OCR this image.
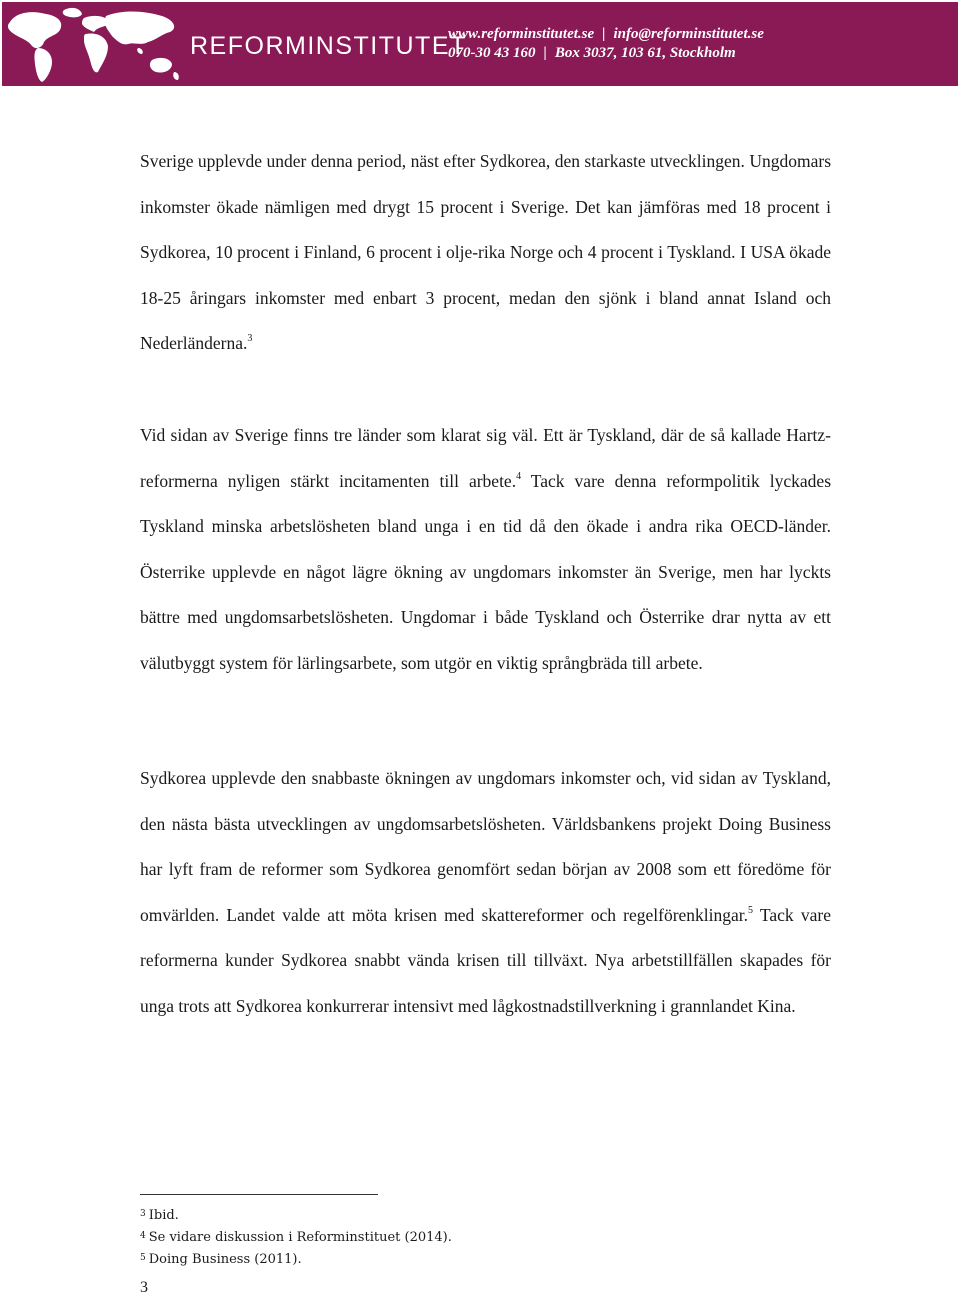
REFORMINSTITUTET
www.reforminstitutet.se | info@reforminstitutet.se
070-30 43 160 | Box 3037, 103 61, Stockholm

Sverige upplevde under denna period, näst efter Sydkorea, den starkaste utvecklingen. Ungdomars inkomster ökade nämligen med drygt 15 procent i Sverige. Det kan jämföras med 18 procent i Sydkorea, 10 procent i Finland, 6 procent i olje-rika Norge och 4 procent i Tyskland. I USA ökade 18-25 åringars inkomster med enbart 3 procent, medan den sjönk i bland annat Island och Nederländerna.$^3$

Vid sidan av Sverige finns tre länder som klarat sig väl. Ett är Tyskland, där de så kallade Hartz-reformerna nyligen stärkt incitamenten till arbete.$^4$ Tack vare denna reformpolitik lyckades Tyskland minska arbetslösheten bland unga i en tid då den ökade i andra rika OECD-länder. Österrike upplevde en något lägre ökning av ungdomars inkomster än Sverige, men har lyckts bättre med ungdomsarbetslösheten. Ungdomar i både Tyskland och Österrike drar nytta av ett välutbyggt system för lärlingsarbete, som utgör en viktig språngbräda till arbete.

Sydkorea upplevde den snabbaste ökningen av ungdomars inkomster och, vid sidan av Tyskland, den nästa bästa utvecklingen av ungdomsarbetslösheten. Världsbankens projekt Doing Business har lyft fram de reformer som Sydkorea genomfört sedan början av 2008 som ett föredöme för omvärlden. Landet valde att möta krisen med skattereformer och regelförenklingar.$^5$ Tack vare reformerna kunder Sydkorea snabbt vända krisen till tillväxt. Nya arbetstillfällen skapades för unga trots att Sydkorea konkurrerar intensivt med lågkostnadstillverkning i grannlandet Kina.

$^3$ Ibid.
$^4$ Se vidare diskussion i Reforminstituet (2014).
$^5$ Doing Business (2011).
3
